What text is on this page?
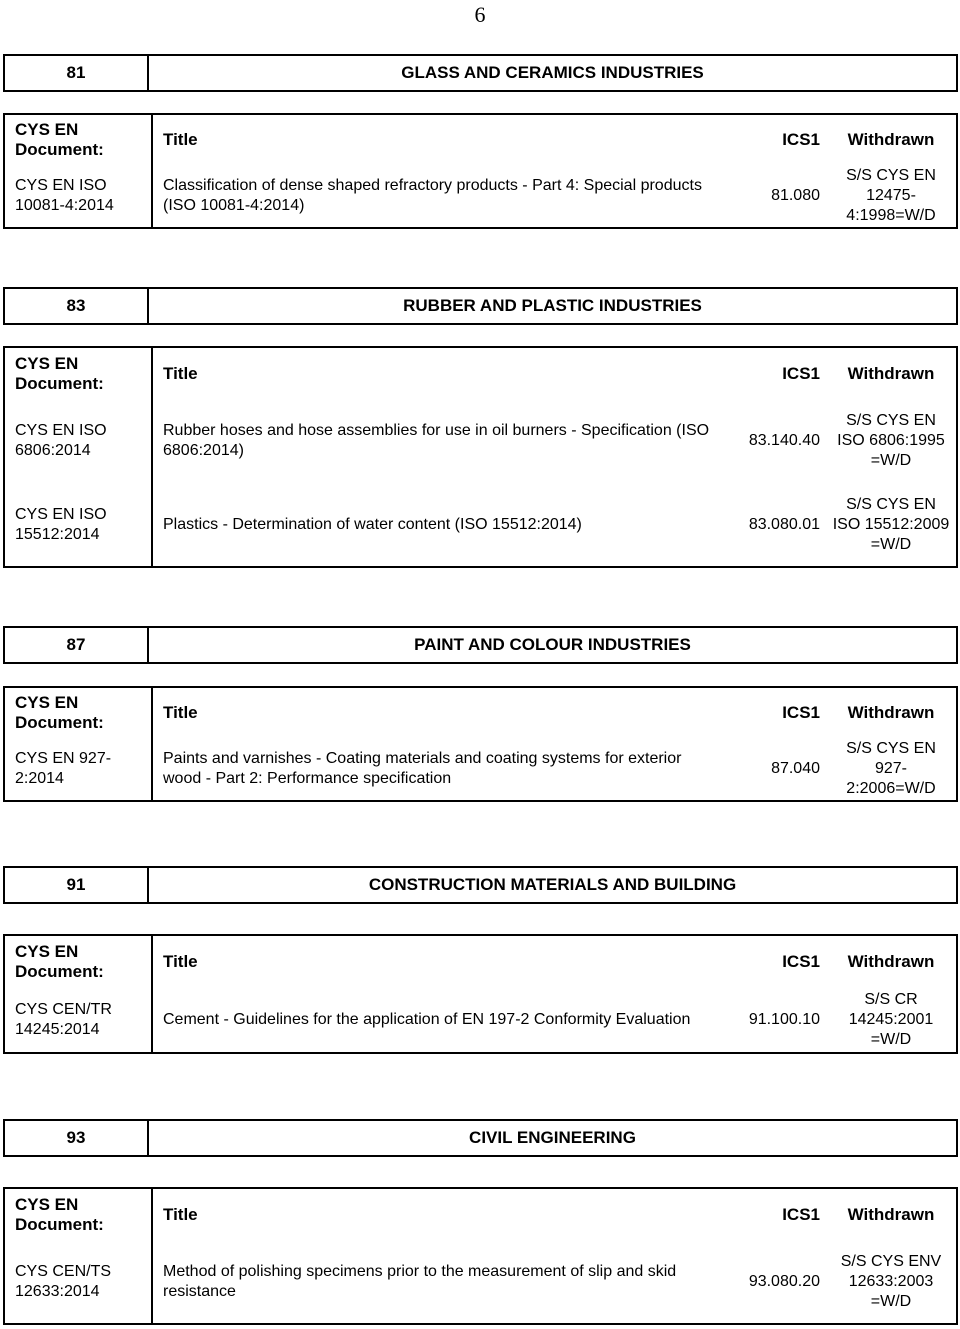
6
81	GLASS AND CERAMICS INDUSTRIES
CYS EN Document:	Title	ICS1	Withdrawn
CYS EN ISO 10081-4:2014	Classification of dense shaped refractory products - Part 4: Special products (ISO 10081-4:2014)	81.080	S/S CYS EN 12475-4:1998=W/D
83	RUBBER AND PLASTIC INDUSTRIES
CYS EN Document:	Title	ICS1	Withdrawn
CYS EN ISO 6806:2014	Rubber hoses and hose assemblies for use in oil burners - Specification (ISO 6806:2014)	83.140.40	S/S CYS EN ISO 6806:1995 =W/D
CYS EN ISO 15512:2014	Plastics - Determination of water content (ISO 15512:2014)	83.080.01	S/S CYS EN ISO 15512:2009 =W/D
87	PAINT AND COLOUR INDUSTRIES
CYS EN Document:	Title	ICS1	Withdrawn
CYS EN 927-2:2014	Paints and varnishes - Coating materials and coating systems for exterior wood - Part 2: Performance specification	87.040	S/S CYS EN 927-2:2006=W/D
91	CONSTRUCTION MATERIALS AND BUILDING
CYS EN Document:	Title	ICS1	Withdrawn
CYS CEN/TR 14245:2014	Cement - Guidelines for the application of EN 197-2 Conformity Evaluation	91.100.10	S/S CR 14245:2001 =W/D
93	CIVIL ENGINEERING
CYS EN Document:	Title	ICS1	Withdrawn
CYS CEN/TS 12633:2014	Method of polishing specimens prior to the measurement of slip and skid resistance	93.080.20	S/S CYS ENV 12633:2003 =W/D
